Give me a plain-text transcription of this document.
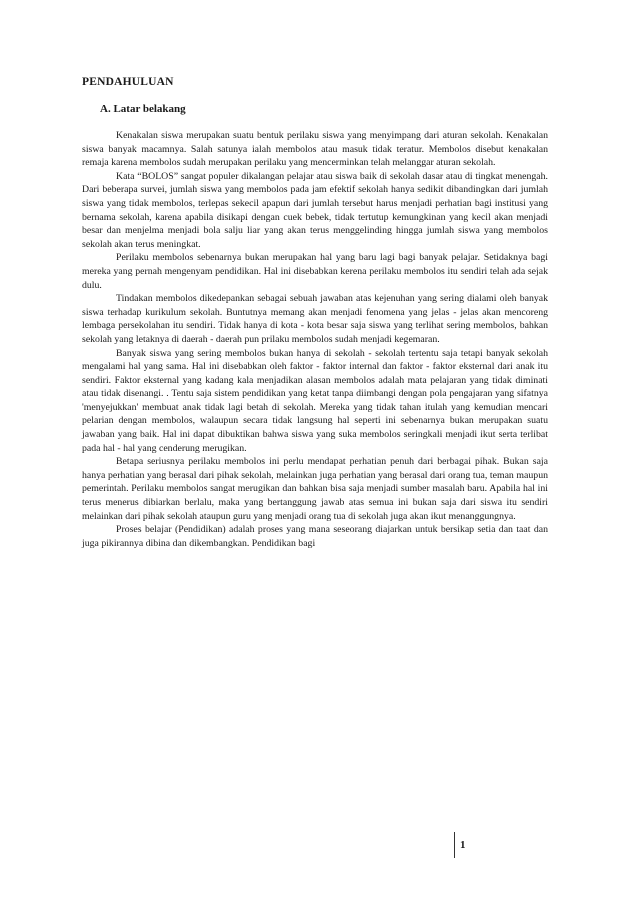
PENDAHULUAN
A. Latar belakang

Kenakalan siswa merupakan suatu bentuk perilaku siswa yang menyimpang dari aturan sekolah. Kenakalan siswa banyak macamnya. Salah satunya ialah membolos atau masuk tidak teratur. Membolos disebut kenakalan remaja karena membolos sudah merupakan perilaku yang mencerminkan telah melanggar aturan sekolah.

Kata “BOLOS” sangat populer dikalangan pelajar atau siswa baik di sekolah dasar atau di tingkat menengah. Dari beberapa survei, jumlah siswa yang membolos pada jam efektif sekolah hanya sedikit dibandingkan dari jumlah siswa yang tidak membolos, terlepas sekecil apapun dari jumlah tersebut harus menjadi perhatian bagi institusi yang bernama sekolah, karena apabila disikapi dengan cuek bebek, tidak tertutup kemungkinan yang kecil akan menjadi besar dan menjelma menjadi bola salju liar yang akan terus menggelinding hingga jumlah siswa yang membolos sekolah akan terus meningkat.

Perilaku membolos sebenarnya bukan merupakan hal yang baru lagi bagi banyak pelajar. Setidaknya bagi mereka yang pernah mengenyam pendidikan. Hal ini disebabkan kerena perilaku membolos itu sendiri telah ada sejak dulu.

Tindakan membolos dikedepankan sebagai sebuah jawaban atas kejenuhan yang sering dialami oleh banyak siswa terhadap kurikulum sekolah. Buntutnya memang akan menjadi fenomena yang jelas - jelas akan mencoreng lembaga persekolahan itu sendiri. Tidak hanya di kota - kota besar saja siswa yang terlihat sering membolos, bahkan sekolah yang letaknya di daerah - daerah pun prilaku membolos sudah menjadi kegemaran.

Banyak siswa yang sering membolos bukan hanya di sekolah - sekolah tertentu saja tetapi banyak sekolah mengalami hal yang sama. Hal ini disebabkan oleh faktor - faktor internal dan faktor - faktor eksternal dari anak itu sendiri. Faktor eksternal yang kadang kala menjadikan alasan membolos adalah mata pelajaran yang tidak diminati atau tidak disenangi. . Tentu saja sistem pendidikan yang ketat tanpa diimbangi dengan pola pengajaran yang sifatnya 'menyejukkan' membuat anak tidak lagi betah di sekolah. Mereka yang tidak tahan itulah yang kemudian mencari pelarian dengan membolos, walaupun secara tidak langsung hal seperti ini sebenarnya bukan merupakan suatu jawaban yang baik. Hal ini dapat dibuktikan bahwa siswa yang suka membolos seringkali menjadi ikut serta terlibat pada hal - hal yang cenderung merugikan.

Betapa seriusnya perilaku membolos ini perlu mendapat perhatian penuh dari berbagai pihak. Bukan saja hanya perhatian yang berasal dari pihak sekolah, melainkan juga perhatian yang berasal dari orang tua, teman maupun pemerintah. Perilaku membolos sangat merugikan dan bahkan bisa saja menjadi sumber masalah baru. Apabila hal ini terus menerus dibiarkan berlalu, maka yang bertanggung jawab atas semua ini bukan saja dari siswa itu sendiri melainkan dari pihak sekolah ataupun guru yang menjadi orang tua di sekolah juga akan ikut menanggungnya.

Proses belajar (Pendidikan) adalah proses yang mana seseorang diajarkan untuk bersikap setia dan taat dan juga pikirannya dibina dan dikembangkan. Pendidikan bagi

1
